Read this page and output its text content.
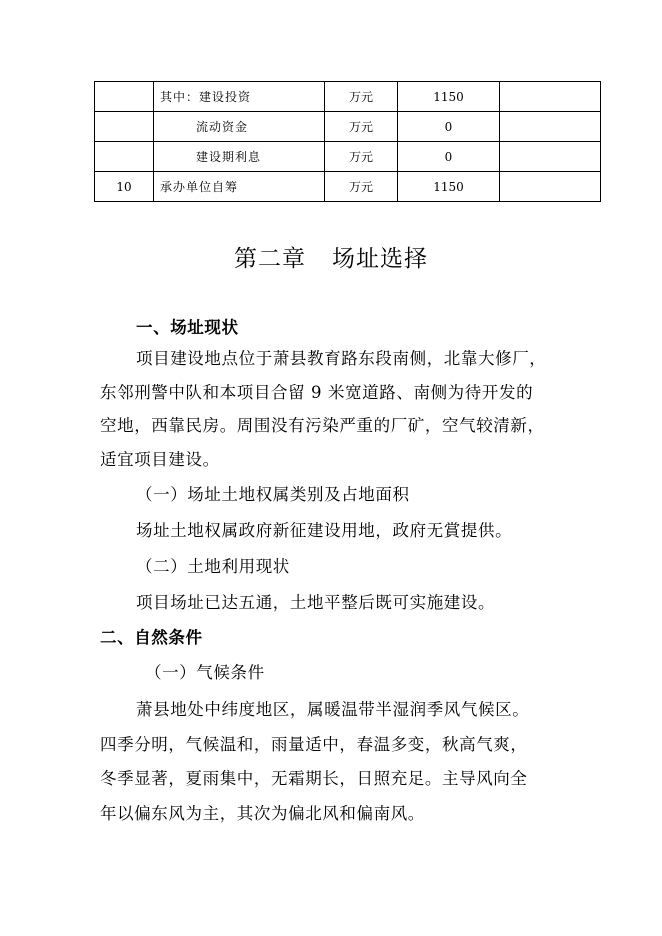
	其中：建设投资	万元	1150	
	流动资金	万元	0	
	建设期利息	万元	0	
10	承办单位自筹	万元	1150	
第二章 场址选择
一、场址现状
项目建设地点位于萧县教育路东段南侧，北靠大修厂，
东邻刑警中队和本项目合留 9 米宽道路、南侧为待开发的
空地，西靠民房。周围没有污染严重的厂矿，空气较清新，
适宜项目建设。
（一）场址土地权属类别及占地面积
场址土地权属政府新征建设用地，政府无賞提供。
（二）土地利用现状
项目场址已达五通，土地平整后既可实施建设。
二、自然条件
（一）气候条件
萧县地处中纬度地区，属暖温带半湿润季风气候区。
四季分明，气候温和，雨量适中，春温多变，秋高气爽，
冬季显著，夏雨集中，无霜期长，日照充足。主导风向全
年以偏东风为主，其次为偏北风和偏南风。
